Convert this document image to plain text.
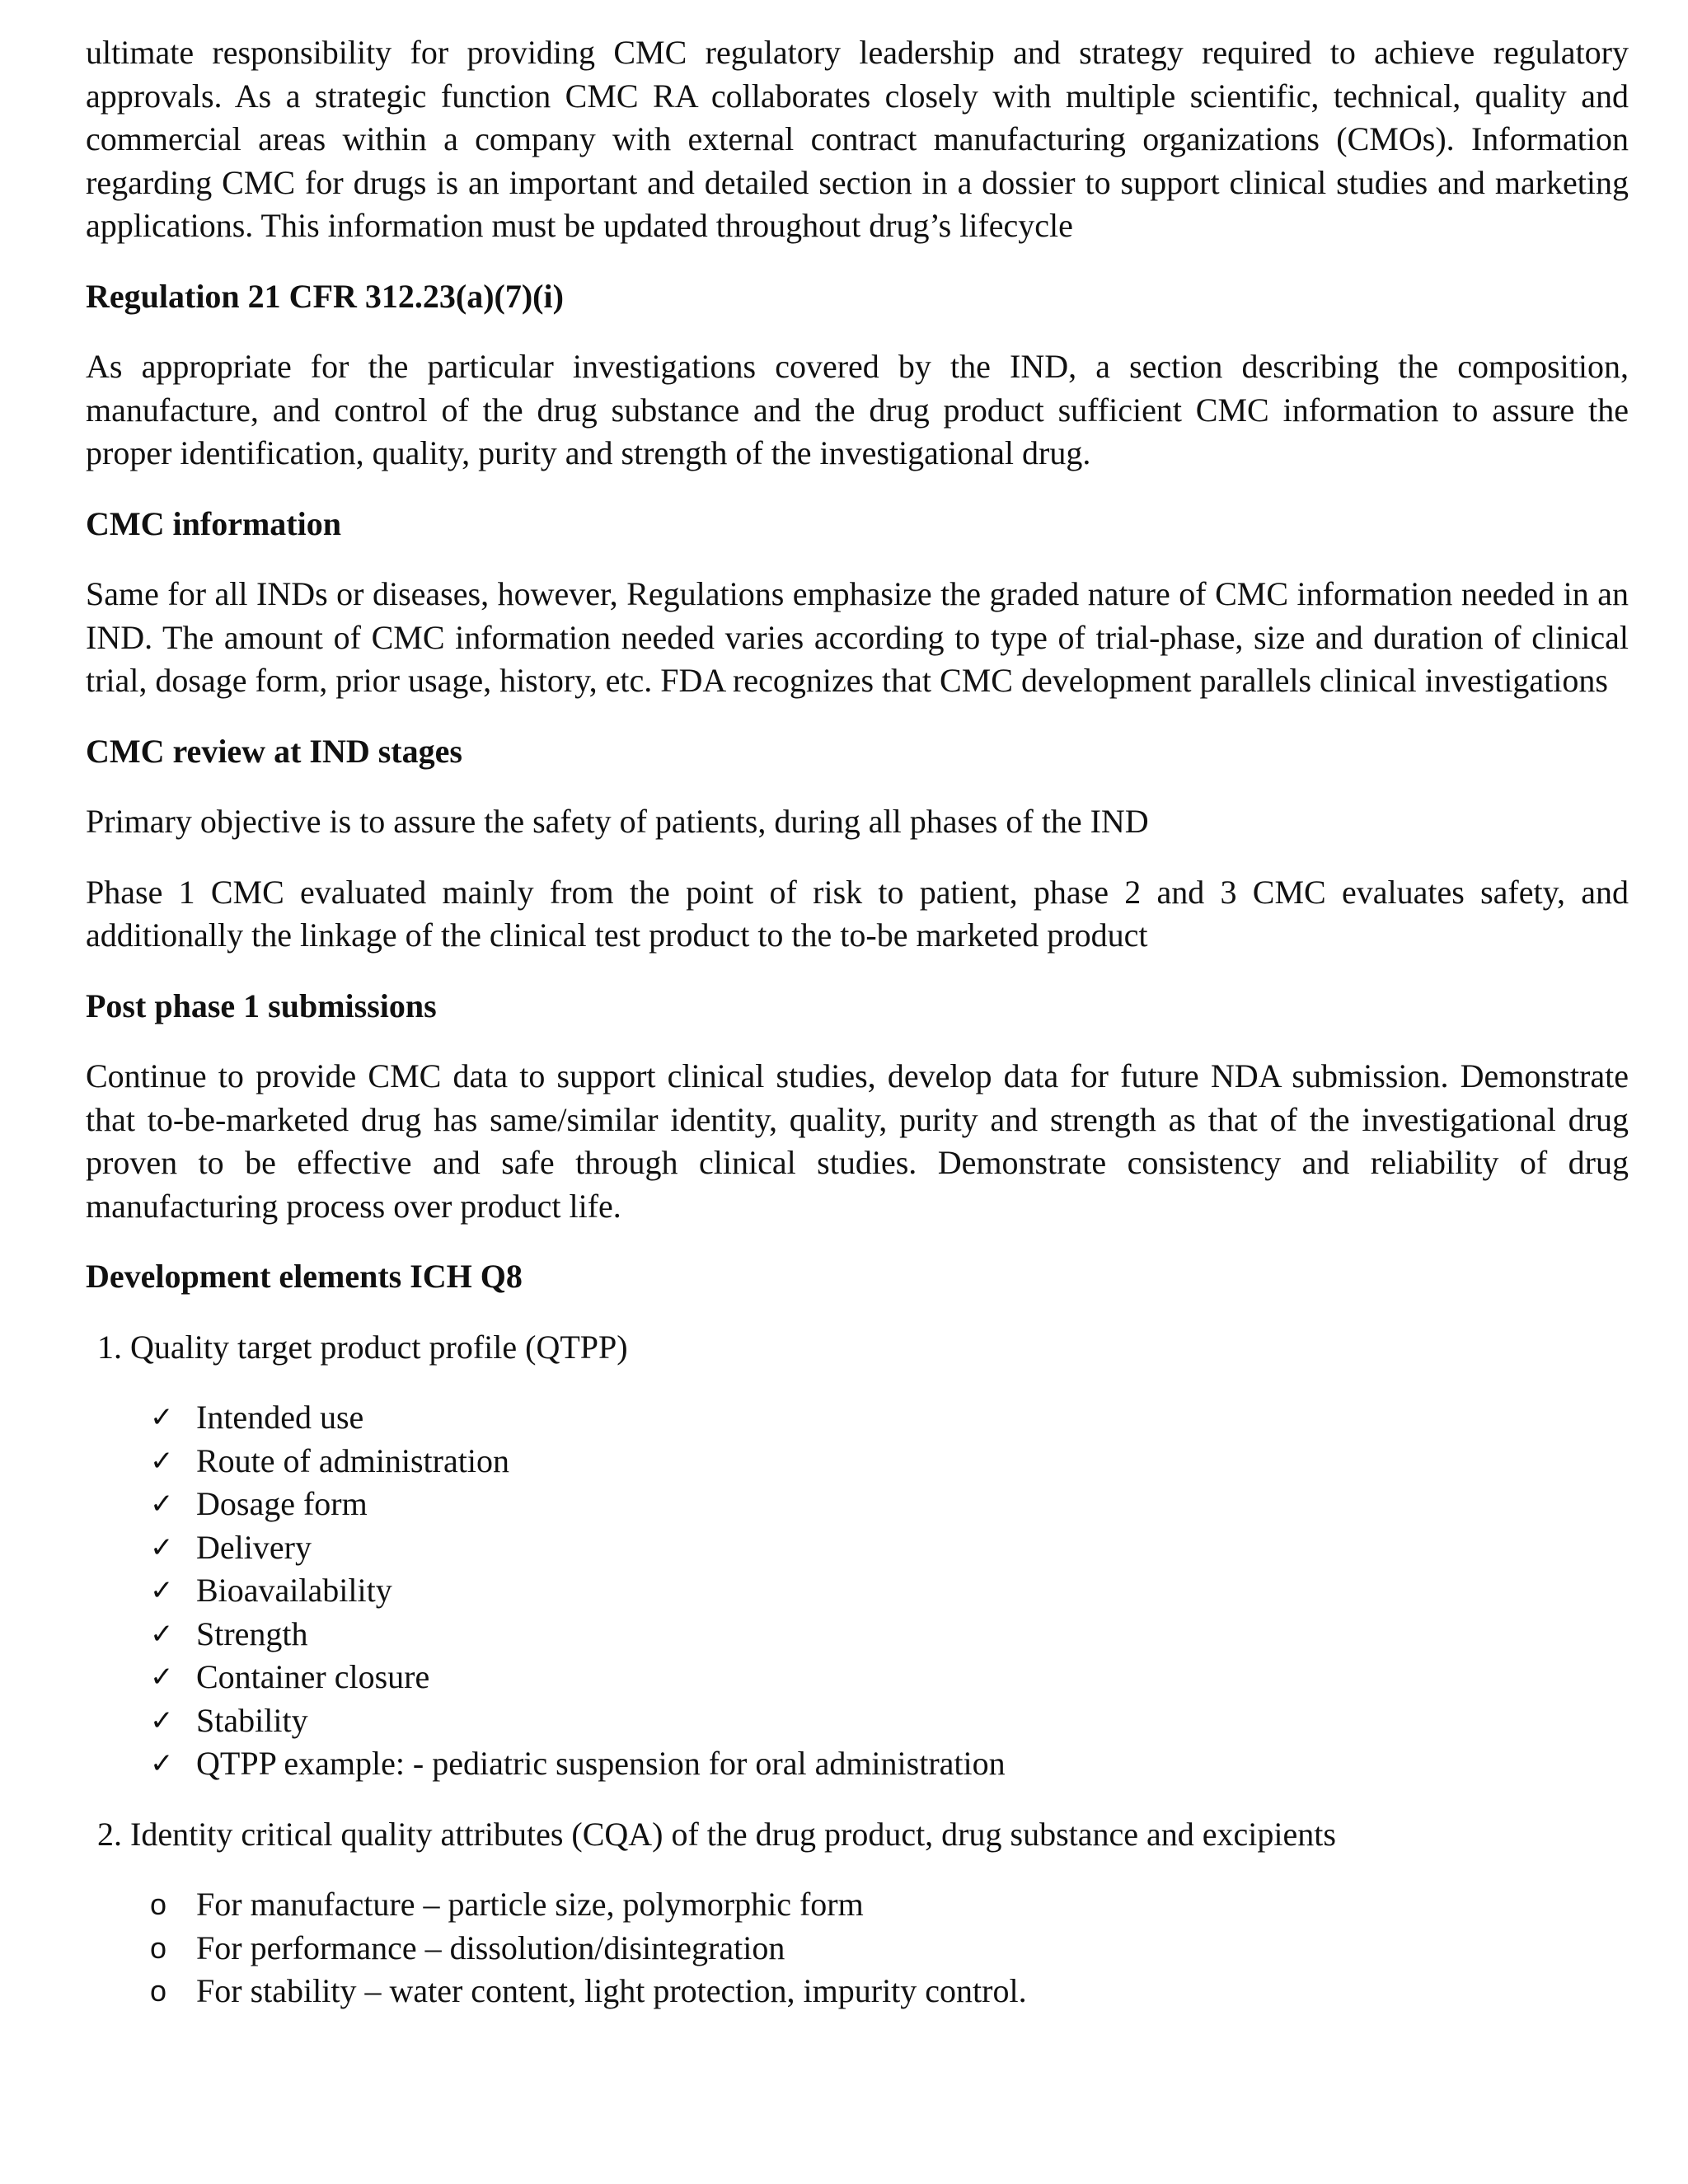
ultimate responsibility for providing CMC regulatory leadership and strategy required to achieve regulatory approvals. As a strategic function CMC RA collaborates closely with multiple scientific, technical, quality and commercial areas within a company with external contract manufacturing organizations (CMOs). Information regarding CMC for drugs is an important and detailed section in a dossier to support clinical studies and marketing applications. This information must be updated throughout drug’s lifecycle

Regulation 21 CFR 312.23(a)(7)(i)

As appropriate for the particular investigations covered by the IND, a section describing the composition, manufacture, and control of the drug substance and the drug product sufficient CMC information to assure the proper identification, quality, purity and strength of the investigational drug.

CMC information

Same for all INDs or diseases, however, Regulations emphasize the graded nature of CMC information needed in an IND. The amount of CMC information needed varies according to type of trial-phase, size and duration of clinical trial, dosage form, prior usage, history, etc. FDA recognizes that CMC development parallels clinical investigations

CMC review at IND stages

Primary objective is to assure the safety of patients, during all phases of the IND

Phase 1 CMC evaluated mainly from the point of risk to patient, phase 2 and 3 CMC evaluates safety, and additionally the linkage of the clinical test product to the to-be marketed product

Post phase 1 submissions

Continue to provide CMC data to support clinical studies, develop data for future NDA submission. Demonstrate that to-be-marketed drug has same/similar identity, quality, purity and strength as that of the investigational drug proven to be effective and safe through clinical studies. Demonstrate consistency and reliability of drug manufacturing process over product life.

Development elements ICH Q8
1. Quality target product profile (QTPP)
✓ Intended use
✓ Route of administration
✓ Dosage form
✓ Delivery
✓ Bioavailability
✓ Strength
✓ Container closure
✓ Stability
✓ QTPP example: - pediatric suspension for oral administration
2. Identity critical quality attributes (CQA) of the drug product, drug substance and excipients
o For manufacture – particle size, polymorphic form
o For performance – dissolution/disintegration
o For stability – water content, light protection, impurity control.
